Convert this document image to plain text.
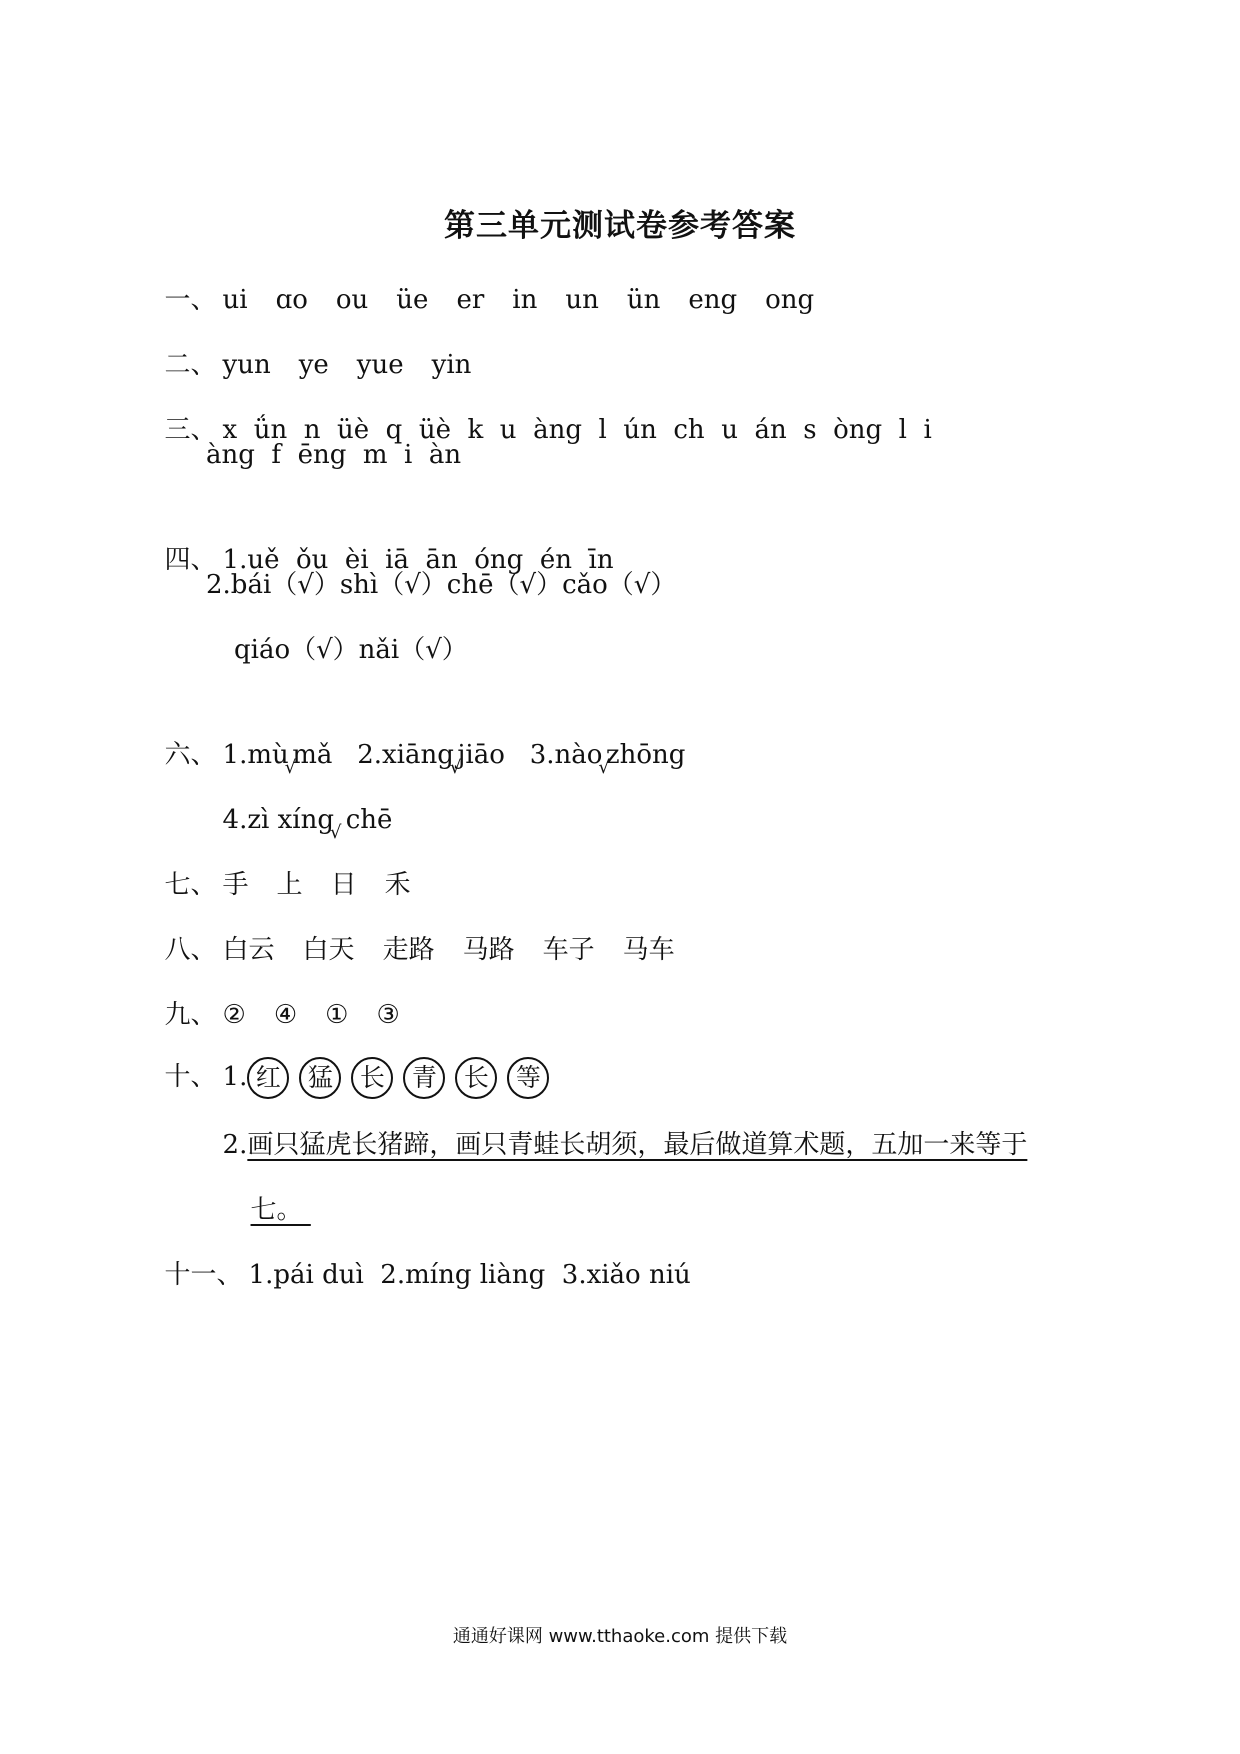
第三单元测试卷参考答案

一、 ui ɑo ou üe er in un ün eng ong

二、 yun ye yue yin

三、 x  ǘn  n  üè  q  üè  k  u  àng  l  ún  ch  u  án  s  òng  l  i

àng  f  ēng  m  i  àn

四、 1.uě  ǒu  èi  iā  ān  óng  én  īn

2.bái（√）shì（√）chē（√）cǎo（√）
qiáo（√）nǎi（√）

六、 $1.mù_√mǎ$ 2.xiāng$_√$jiāo 3.nào$_√$zhōng

4.zì xíng$_√$ chē

七、 手 上 日 禾

八、 白云 白天 走路 马路 车子 马车

九、 ② ④ ① ③

十、 1. 红 猛 长 青 长 等

2.画只猛虎长猪蹄，画只青蛙长胡须，最后做道算术题，五加一来等于

七。

十一、 1.pái duì  2.míng liàng  3.xiǎo niú

通通好课网 www.tthaoke.com 提供下载
